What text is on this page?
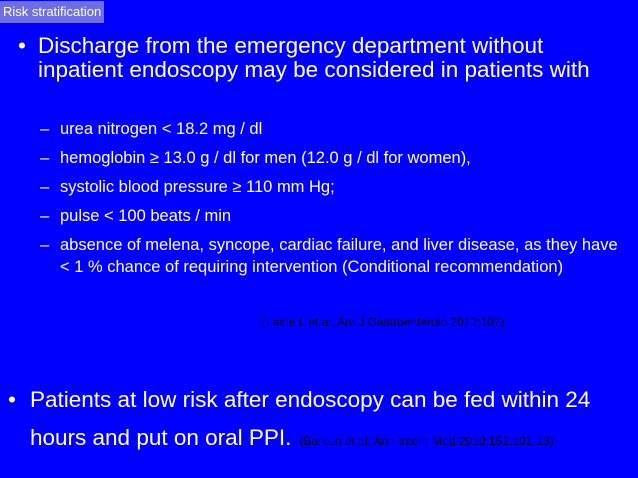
Risk stratification
• Discharge from the emergency department without inpatient endoscopy may be considered in patients with
– urea nitrogen < 18.2 mg / dl
– hemoglobin ≥ 13.0 g / dl for men (12.0 g / dl for women),
– systolic blood pressure ≥ 110 mm Hg;
– pulse < 100 beats / min
– absence of melena, syncope, cardiac failure, and liver disease, as they have < 1 % chance of requiring intervention (Conditional recommendation)
(Laine L et.al, Am J Gastroenterolo 2012;107)
• Patients at low risk after endoscopy can be fed within 24
hours and put on oral PPI. (Barkun et al. Ann Intern Med 2010;152:101-13)
